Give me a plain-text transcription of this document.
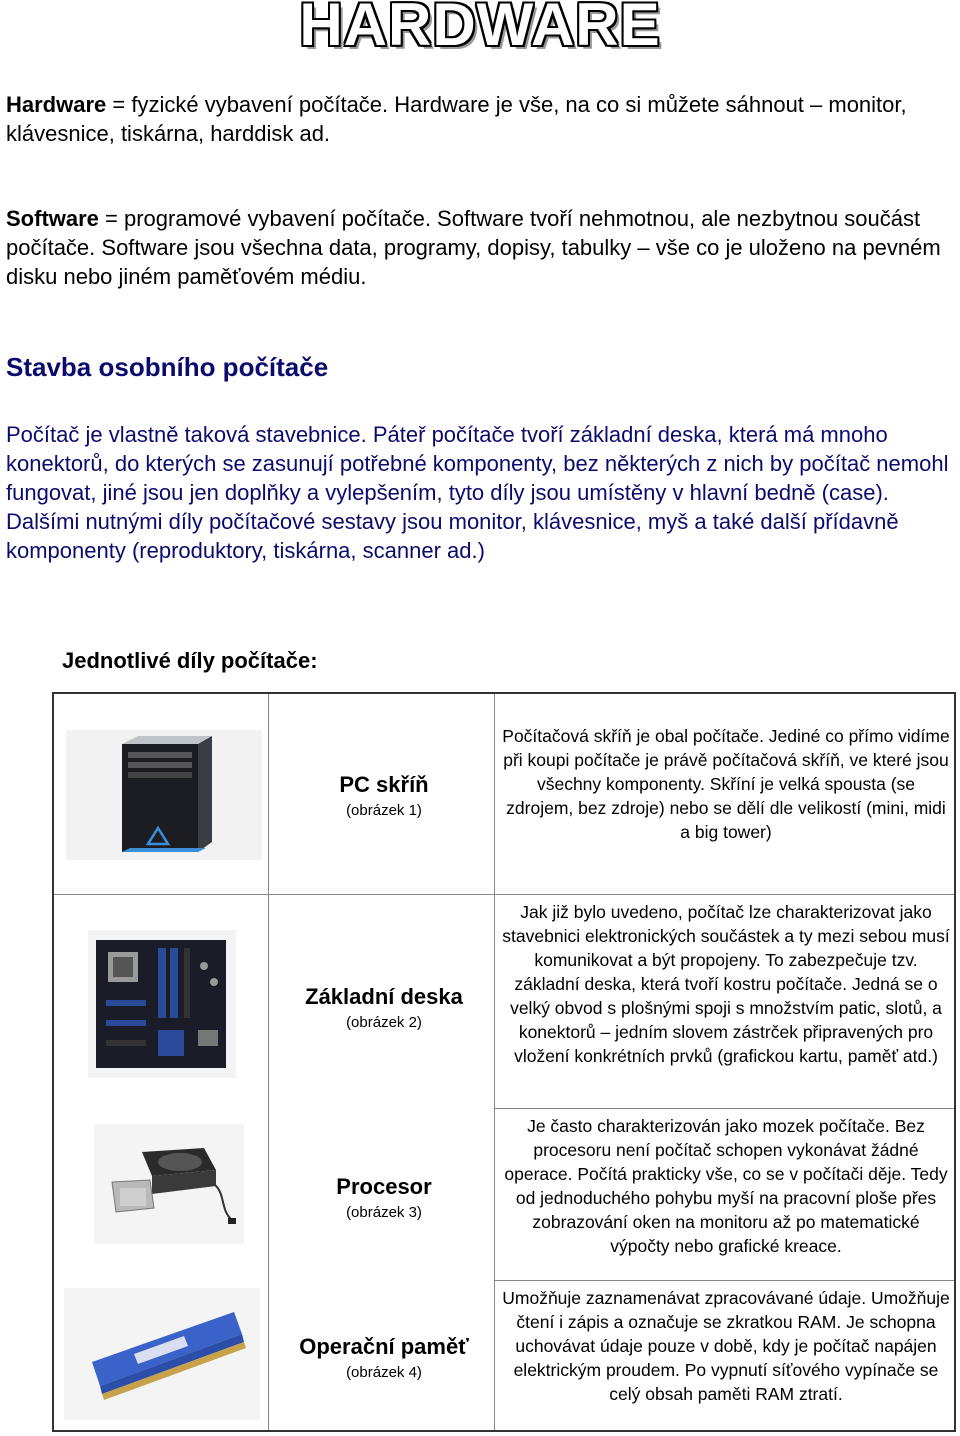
HARDWARE
Hardware = fyzické vybavení počítače. Hardware je vše, na co si můžete sáhnout – monitor, klávesnice, tiskárna, harddisk ad.
Software = programové vybavení počítače. Software tvoří nehmotnou, ale nezbytnou součást počítače. Software jsou všechna data, programy, dopisy, tabulky – vše co je uloženo na pevném disku nebo jiném paměťovém médiu.
Stavba osobního počítače
Počítač je vlastně taková stavebnice. Páteř počítače tvoří základní deska, která má mnoho konektorů, do kterých se zasunují potřebné komponenty, bez některých z nich by počítač nemohl fungovat, jiné jsou jen doplňky a vylepšením, tyto díly jsou umístěny v hlavní bedně (case). Dalšími nutnými díly počítačové sestavy jsou monitor, klávesnice, myš a také další přídavně komponenty (reproduktory, tiskárna, scanner ad.)
Jednotlivé díly počítače:
PC skříň
(obrázek 1)
Počítačová skříň je obal počítače. Jediné co přímo vidíme při koupi počítače je právě počítačová skříň, ve které jsou všechny komponenty. Skříní je velká spousta (se zdrojem, bez zdroje) nebo se dělí dle velikostí (mini, midi a big tower)
Základní deska
(obrázek 2)
Jak již bylo uvedeno, počítač lze charakterizovat jako stavebnici elektronických součástek a ty mezi sebou musí komunikovat a být propojeny. To zabezpečuje tzv. základní deska, která tvoří kostru počítače. Jedná se o velký obvod s plošnými spoji s množstvím patic, slotů, a konektorů – jedním slovem zástrček připravených pro vložení konkrétních prvků (grafickou kartu, paměť atd.)
Procesor
(obrázek 3)
Je často charakterizován jako mozek počítače. Bez procesoru není počítač schopen vykonávat žádné operace. Počítá prakticky vše, co se v počítači děje. Tedy od jednoduchého pohybu myší na pracovní ploše přes zobrazování oken na monitoru až po matematické výpočty nebo grafické kreace.
Operační paměť
(obrázek 4)
Umožňuje zaznamenávat zpracovávané údaje. Umožňuje čtení i zápis a označuje se zkratkou RAM. Je schopna uchovávat údaje pouze v době, kdy je počítač napájen elektrickým proudem. Po vypnutí síťového vypínače se celý obsah paměti RAM ztratí.
